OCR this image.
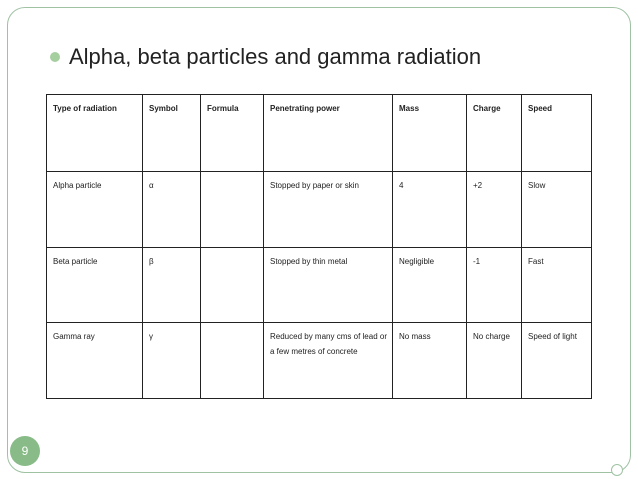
Alpha, beta particles and gamma radiation
Type of radiation	Symbol	Formula	Penetrating power	Mass	Charge	Speed
Alpha particle	α		Stopped by paper or skin	4	+2	Slow
Beta particle	β		Stopped by thin metal	Negligible	-1	Fast
Gamma ray	γ		Reduced by many cms of lead or a few metres of concrete	No mass	No charge	Speed of light
9
